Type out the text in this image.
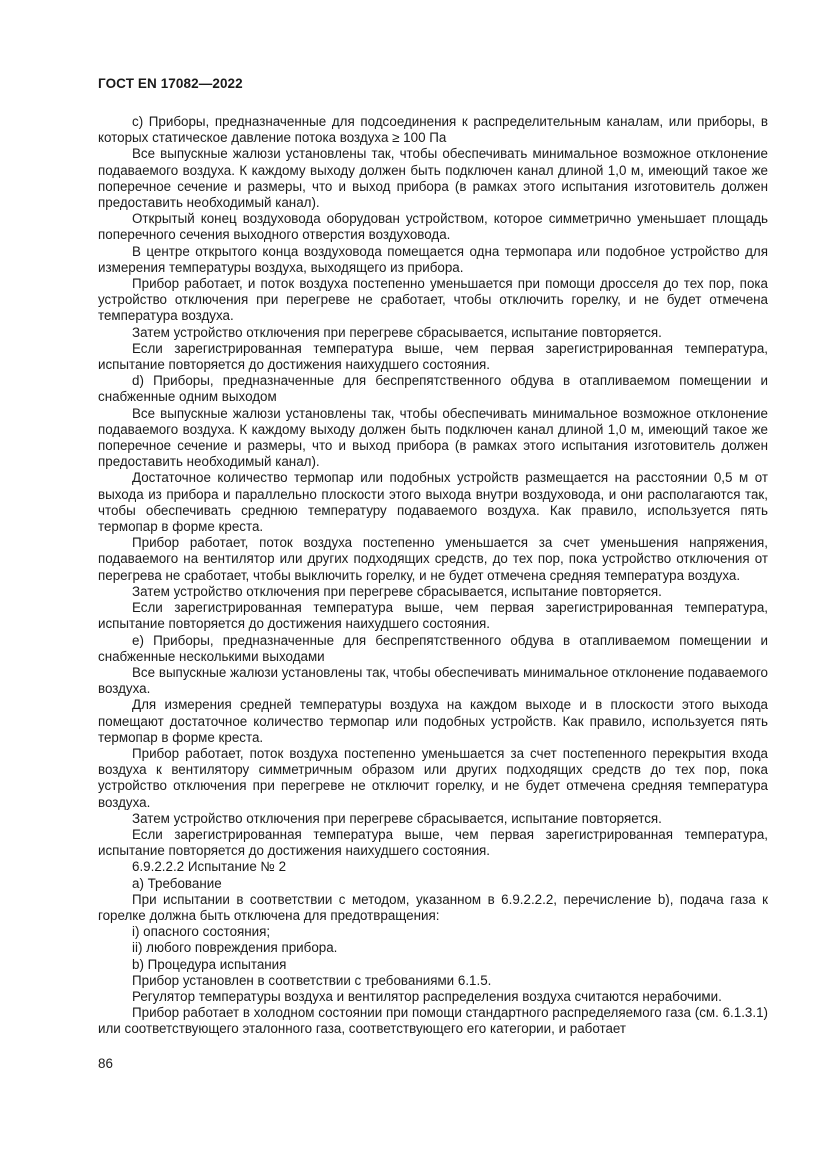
ГОСТ EN 17082—2022

c) Приборы, предназначенные для подсоединения к распределительным каналам, или приборы, в которых статическое давление потока воздуха ≥ 100 Па

Все выпускные жалюзи установлены так, чтобы обеспечивать минимальное возможное отклонение подаваемого воздуха. К каждому выходу должен быть подключен канал длиной 1,0 м, имеющий такое же поперечное сечение и размеры, что и выход прибора (в рамках этого испытания изготовитель должен предоставить необходимый канал).

Открытый конец воздуховода оборудован устройством, которое симметрично уменьшает площадь поперечного сечения выходного отверстия воздуховода.

В центре открытого конца воздуховода помещается одна термопара или подобное устройство для измерения температуры воздуха, выходящего из прибора.

Прибор работает, и поток воздуха постепенно уменьшается при помощи дросселя до тех пор, пока устройство отключения при перегреве не сработает, чтобы отключить горелку, и не будет отмечена температура воздуха.

Затем устройство отключения при перегреве сбрасывается, испытание повторяется.

Если зарегистрированная температура выше, чем первая зарегистрированная температура, испытание повторяется до достижения наихудшего состояния.

d) Приборы, предназначенные для беспрепятственного обдува в отапливаемом помещении и снабженные одним выходом

Все выпускные жалюзи установлены так, чтобы обеспечивать минимальное возможное отклонение подаваемого воздуха. К каждому выходу должен быть подключен канал длиной 1,0 м, имеющий такое же поперечное сечение и размеры, что и выход прибора (в рамках этого испытания изготовитель должен предоставить необходимый канал).

Достаточное количество термопар или подобных устройств размещается на расстоянии 0,5 м от выхода из прибора и параллельно плоскости этого выхода внутри воздуховода, и они располагаются так, чтобы обеспечивать среднюю температуру подаваемого воздуха. Как правило, используется пять термопар в форме креста.

Прибор работает, поток воздуха постепенно уменьшается за счет уменьшения напряжения, подаваемого на вентилятор или других подходящих средств, до тех пор, пока устройство отключения от перегрева не сработает, чтобы выключить горелку, и не будет отмечена средняя температура воздуха.

Затем устройство отключения при перегреве сбрасывается, испытание повторяется.

Если зарегистрированная температура выше, чем первая зарегистрированная температура, испытание повторяется до достижения наихудшего состояния.

e) Приборы, предназначенные для беспрепятственного обдува в отапливаемом помещении и снабженные несколькими выходами

Все выпускные жалюзи установлены так, чтобы обеспечивать минимальное отклонение подаваемого воздуха.

Для измерения средней температуры воздуха на каждом выходе и в плоскости этого выхода помещают достаточное количество термопар или подобных устройств. Как правило, используется пять термопар в форме креста.

Прибор работает, поток воздуха постепенно уменьшается за счет постепенного перекрытия входа воздуха к вентилятору симметричным образом или других подходящих средств до тех пор, пока устройство отключения при перегреве не отключит горелку, и не будет отмечена средняя температура воздуха.

Затем устройство отключения при перегреве сбрасывается, испытание повторяется.

Если зарегистрированная температура выше, чем первая зарегистрированная температура, испытание повторяется до достижения наихудшего состояния.

6.9.2.2.2 Испытание № 2

a) Требование

При испытании в соответствии с методом, указанном в 6.9.2.2.2, перечисление b), подача газа к горелке должна быть отключена для предотвращения:

i) опасного состояния;

ii) любого повреждения прибора.

b) Процедура испытания

Прибор установлен в соответствии с требованиями 6.1.5.

Регулятор температуры воздуха и вентилятор распределения воздуха считаются нерабочими.

Прибор работает в холодном состоянии при помощи стандартного распределяемого газа (см. 6.1.3.1) или соответствующего эталонного газа, соответствующего его категории, и работает

86
